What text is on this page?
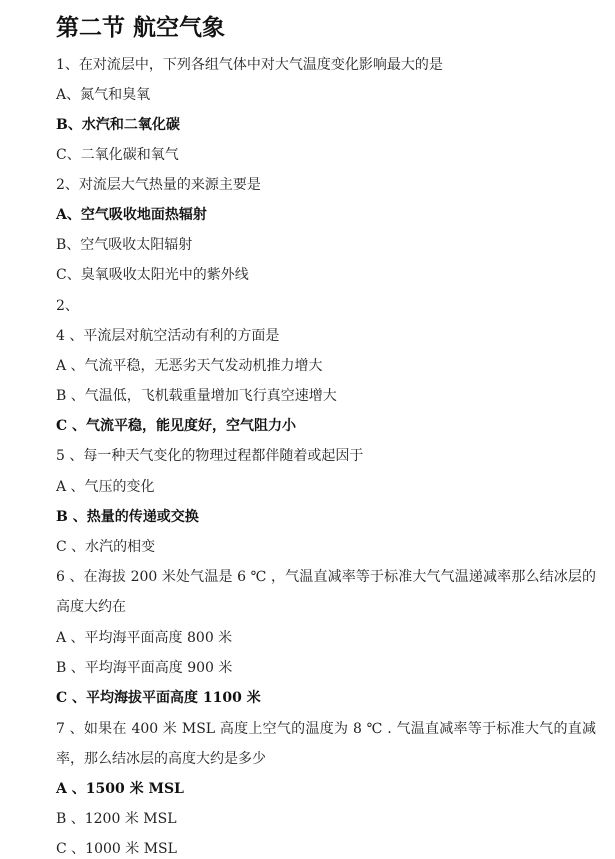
第二节 航空气象
1、在对流层中，下列各组气体中对大气温度变化影响最大的是
A、氮气和臭氧
B、水汽和二氧化碳
C、二氧化碳和氧气
2、对流层大气热量的来源主要是
A、空气吸收地面热辐射
B、空气吸收太阳辐射
C、臭氧吸收太阳光中的紫外线
2、
4 、平流层对航空活动有利的方面是
A 、气流平稳，无恶劣天气发动机推力增大
B 、气温低，飞机载重量增加飞行真空速增大
C 、气流平稳，能见度好，空气阻力小
5 、每一种天气变化的物理过程都伴随着或起因于
A 、气压的变化
B 、热量的传递或交换
C 、水汽的相变
6 、在海拔 200 米处气温是 6 ℃ ，气温直减率等于标准大气气温递减率那么结冰层的高度大约在
A 、平均海平面高度 800 米
B 、平均海平面高度 900 米
C 、平均海拔平面高度 1100 米
7 、如果在 400 米 MSL 高度上空气的温度为 8 ℃ . 气温直减率等于标准大气的直减率，那么结冰层的高度大约是多少
A 、1500 米 MSL
B 、1200 米 MSL
C 、1000 米 MSL
